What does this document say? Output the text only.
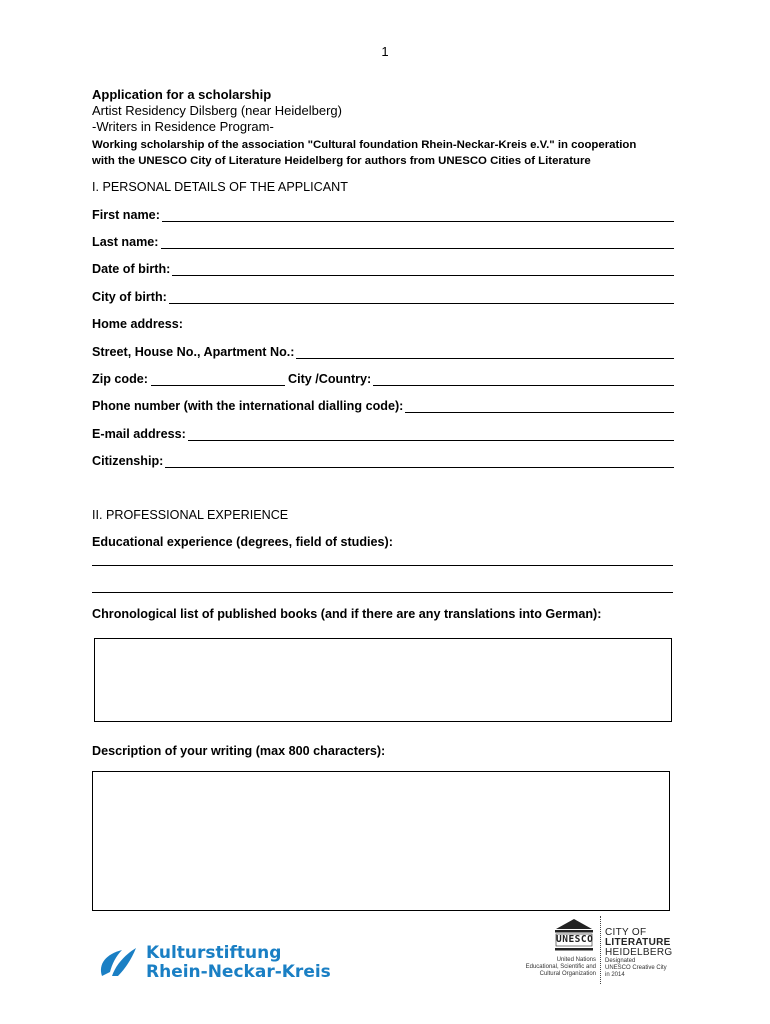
1
Application for a scholarship
Artist Residency Dilsberg (near Heidelberg)
-Writers in Residence Program-
Working scholarship of the association "Cultural foundation Rhein-Neckar-Kreis e.V." in cooperation
with the UNESCO City of Literature Heidelberg for authors from UNESCO Cities of Literature
I. PERSONAL DETAILS OF THE APPLICANT
First name:
Last name:
Date of birth:
City of birth:
Home address:
Street, House No., Apartment No.:
Zip code:	City /Country:
Phone number (with the international dialling code):
E-mail address:
Citizenship:
II. PROFESSIONAL EXPERIENCE
Educational experience (degrees, field of studies):
Chronological list of published books (and if there are any translations into German):
Description of your writing (max 800 characters):
Kulturstiftung
Rhein-Neckar-Kreis
UNESCO
United Nations
Educational, Scientific and
Cultural Organization
CITY OF
LITERATURE
HEIDELBERG
Designated
UNESCO Creative City
in 2014
